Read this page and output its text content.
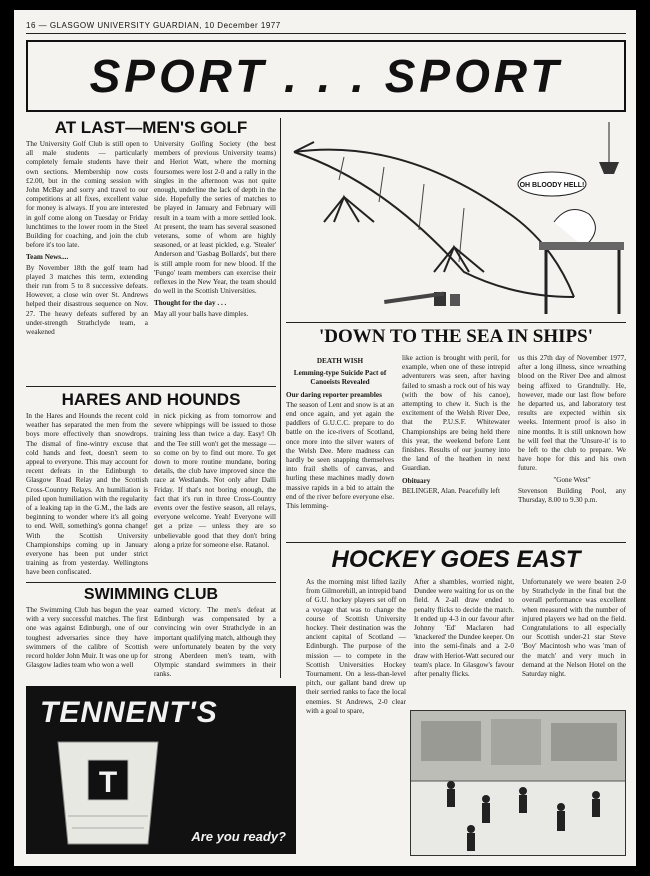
16 — GLASGOW UNIVERSITY GUARDIAN, 10 December 1977
SPORT . . . SPORT
AT LAST—MEN'S GOLF

The University Golf Club is still open to all male students — particularly completely female students have their own sections. Membership now costs £2.00, but in the coming session with John McBay and sorry and travel to our competitions at all fixes, excellent value for money is always. If you are interested in golf come along on Tuesday or Friday lunchtimes to the lower room in the Steel Building for coaching, and join the club before it's too late.

Team News....

By November 18th the golf team had played 3 matches this term, extending their run from 5 to 8 successive defeats. However, a close win over St. Andrews helped their disastrous sequence on Nov. 27. The heavy defeats suffered by an under-strength Strathclyde team, a weakened

University Golfing Society (the best members of previous University teams) and Heriot Watt, where the morning foursomes were lost 2-0 and a rally in the singles in the afternoon was not quite enough, underline the lack of depth in the side. Hopefully the series of matches to be played in January and February will result in a team with a more settled look. At present, the team has several seasoned veterans, some of whom are highly seasoned, or at least pickled, e.g. 'Stealer' Anderson and 'Gasbag Bollards', but there is still ample room for new blood. If the 'Fungo' team members can exercise their reflexes in the New Year, the team should do well in the Scottish Universities.

Thought for the day . . .

May all your balls have dimples.

HARES AND HOUNDS

In the Hares and Hounds the recent cold weather has separated the men from the boys more effectively than snowdrops. The dismal of fine-wintry excuse that cold hands and feet, doesn't seem to appeal to everyone. This may account for recent defeats in the Edinburgh to Glasgow Road Relay and the Scottish Cross-Country Relays. An humiliation is piled upon humiliation with the regularity of a leaking tap in the G.M., the lads are beginning to wonder where it's all going to end. Well, something's gonna change! With the Scottish University Championships coming up in January everyone has been put under strict training as from yesterday. Wellingtons have been confiscated.

in nick picking as from tomorrow and severe whippings will be issued to those training less than twice a day. Easy! Oh and the Tee still won't get the message — so come on by to find out more. To get down to more routine mundane, boring details, the club have improved since the race at Westlands. Not only after Dalli Friday. If that's not boring enough, the fact that it's run in three Cross-Country events over the festive season, all relays, everyone welcome. Yeah! Everyone will get a prize — unless they are so unbelievable good that they don't bring along a prize for someone else. Ratanol.

SWIMMING CLUB

The Swimming Club has begun the year with a very successful matches. The first one was against Edinburgh, one of our toughest adversaries since they have swimmers of the calibre of Scottish record holder John Muir. It was one up for Glasgow ladies team who won a well

earned victory. The men's defeat at Edinburgh was compensated by a convincing win over Strathclyde in an important qualifying match, although they were unfortunately beaten by the very strong Aberdeen men's team, with Olympic standard swimmers in their ranks.

OH BLOODY HELL!
'DOWN TO THE SEA IN SHIPS'

DEATH WISH

Lemming-type Suicide Pact of Canoeists Revealed

Our daring reporter preambles

The season of Lent and snow is at an end once again, and yet again the paddlers of G.U.C.C. prepare to do battle on the ice-rivers of Scotland, once more into the silver waters of the Welsh Dee. Mere madness can hardly be seen snapping themselves into frail shells of canvas, and hurling these machines madly down massive rapids in a bid to attain the end of the river before everyone else. This lemming-

like action is brought with peril, for example, when one of these intrepid adventurers was seen, after having failed to smash a rock out of his way (with the bow of his canoe), attempting to chew it. Such is the excitement of the Welsh River Dee, that the P.U.S.F. Whitewater Championships are being held there this year, the weekend before Lent finishes. Results of our journey into the land of the heathen in next Guardian.

Obituary

BELINGER, Alan. Peacefully left

us this 27th day of November 1977, after a long illness, since wreathing blood on the River Dee and almost being affixed to Grandtully. He, however, made our last flow before he departed us, and laboratory test results are expected within six weeks. Interment proof is also in nine months. It is still unknown how he will feel that the 'Unsure-it' is to be left to the club to prepare. We have hope for this and his own future.

"Gone West"

Stevenson Building Pool, any Thursday, 8.00 to 9.30 p.m.

HOCKEY GOES EAST

As the morning mist lifted lazily from Gilmorehill, an intrepid band of G.U. hockey players set off on a voyage that was to change the course of Scottish University hockey. Their destination was the ancient capital of Scotland — Edinburgh. The purpose of the mission — to compete in the Scottish Universities Hockey Tournament. On a less-than-level pitch, our gallant band drew up their serried ranks to face the local enemies. St Andrews, 2-0 clear with a goal to spare,

After a shambles, worried night, Dundee were waiting for us on the field. A 2-all draw ended to penalty flicks to decide the match. It ended up 4-3 in our favour after Johnny 'Ed' Maclaren had 'knackered' the Dundee keeper. On into the semi-finals and a 2-0 draw with Heriot-Watt secured our team's place. In Glasgow's favour after penalty flicks.

Unfortunately we were beaten 2-0 by Strathclyde in the final but the overall performance was excellent when measured with the number of injured players we had on the field. Congratulations to all especially our Scottish under-21 star Steve 'Boy' Macintosh who was 'man of the match' and very much in demand at the Nelson Hotel on the Saturday night.

TENNENT'S
T
Are you ready?
